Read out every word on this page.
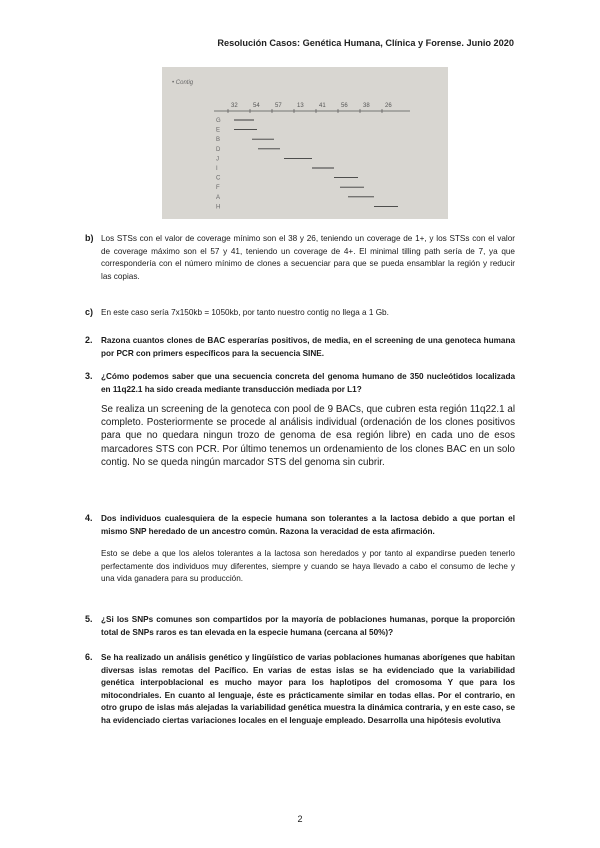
Resolución Casos: Genética Humana, Clínica y Forense. Junio 2020
• Contig
32	54	57	13	41	56	38	26
G
E
B
D
J
I
C
F
A
H
b) Los STSs con el valor de coverage mínimo son el 38 y 26, teniendo un coverage de 1+, y los STSs con el valor de coverage máximo son el 57 y 41, teniendo un coverage de 4+. El minimal tilling path sería de 7, ya que correspondería con el número mínimo de clones a secuenciar para que se pueda ensamblar la región y reducir las copias.
c) En este caso sería 7x150kb = 1050kb, por tanto nuestro contig no llega a 1 Gb.
2.	Razona cuantos clones de BAC esperarías positivos, de media, en el screening de una genoteca humana por PCR con primers específicos para la secuencia SINE.
3.	¿Cómo podemos saber que una secuencia concreta del genoma humano de 350 nucleótidos localizada en 11q22.1 ha sido creada mediante transducción mediada por L1?
Se realiza un screening de la genoteca con pool de 9 BACs, que cubren esta región 11q22.1 al completo. Posteriormente se procede al análisis individual (ordenación de los clones positivos para que no quedara ningun trozo de genoma de esa región libre) en cada uno de esos marcadores STS con PCR. Por último tenemos un ordenamiento de los clones BAC en un solo contig. No se queda ningún marcador STS del genoma sin cubrir.
4.	Dos individuos cualesquiera de la especie humana son tolerantes a la lactosa debido a que portan el mismo SNP heredado de un ancestro común. Razona la veracidad de esta afirmación.
Esto se debe a que los alelos tolerantes a la lactosa son heredados y por tanto al expandirse pueden tenerlo perfectamente dos individuos muy diferentes, siempre y cuando se haya llevado a cabo el consumo de leche y una vida ganadera para su producción.
5.	¿Si los SNPs comunes son compartidos por la mayoría de poblaciones humanas, porque la proporción total de SNPs raros es tan elevada en la especie humana (cercana al 50%)?
6.	Se ha realizado un análisis genético y lingüístico de varias poblaciones humanas aborígenes que habitan diversas islas remotas del Pacífico. En varias de estas islas se ha evidenciado que la variabilidad genética interpoblacional es mucho mayor para los haplotipos del cromosoma Y que para los mitocondriales. En cuanto al lenguaje, éste es prácticamente similar en todas ellas. Por el contrario, en otro grupo de islas más alejadas la variabilidad genética muestra la dinámica contraria, y en este caso, se ha evidenciado ciertas variaciones locales en el lenguaje empleado. Desarrolla una hipótesis evolutiva
2
